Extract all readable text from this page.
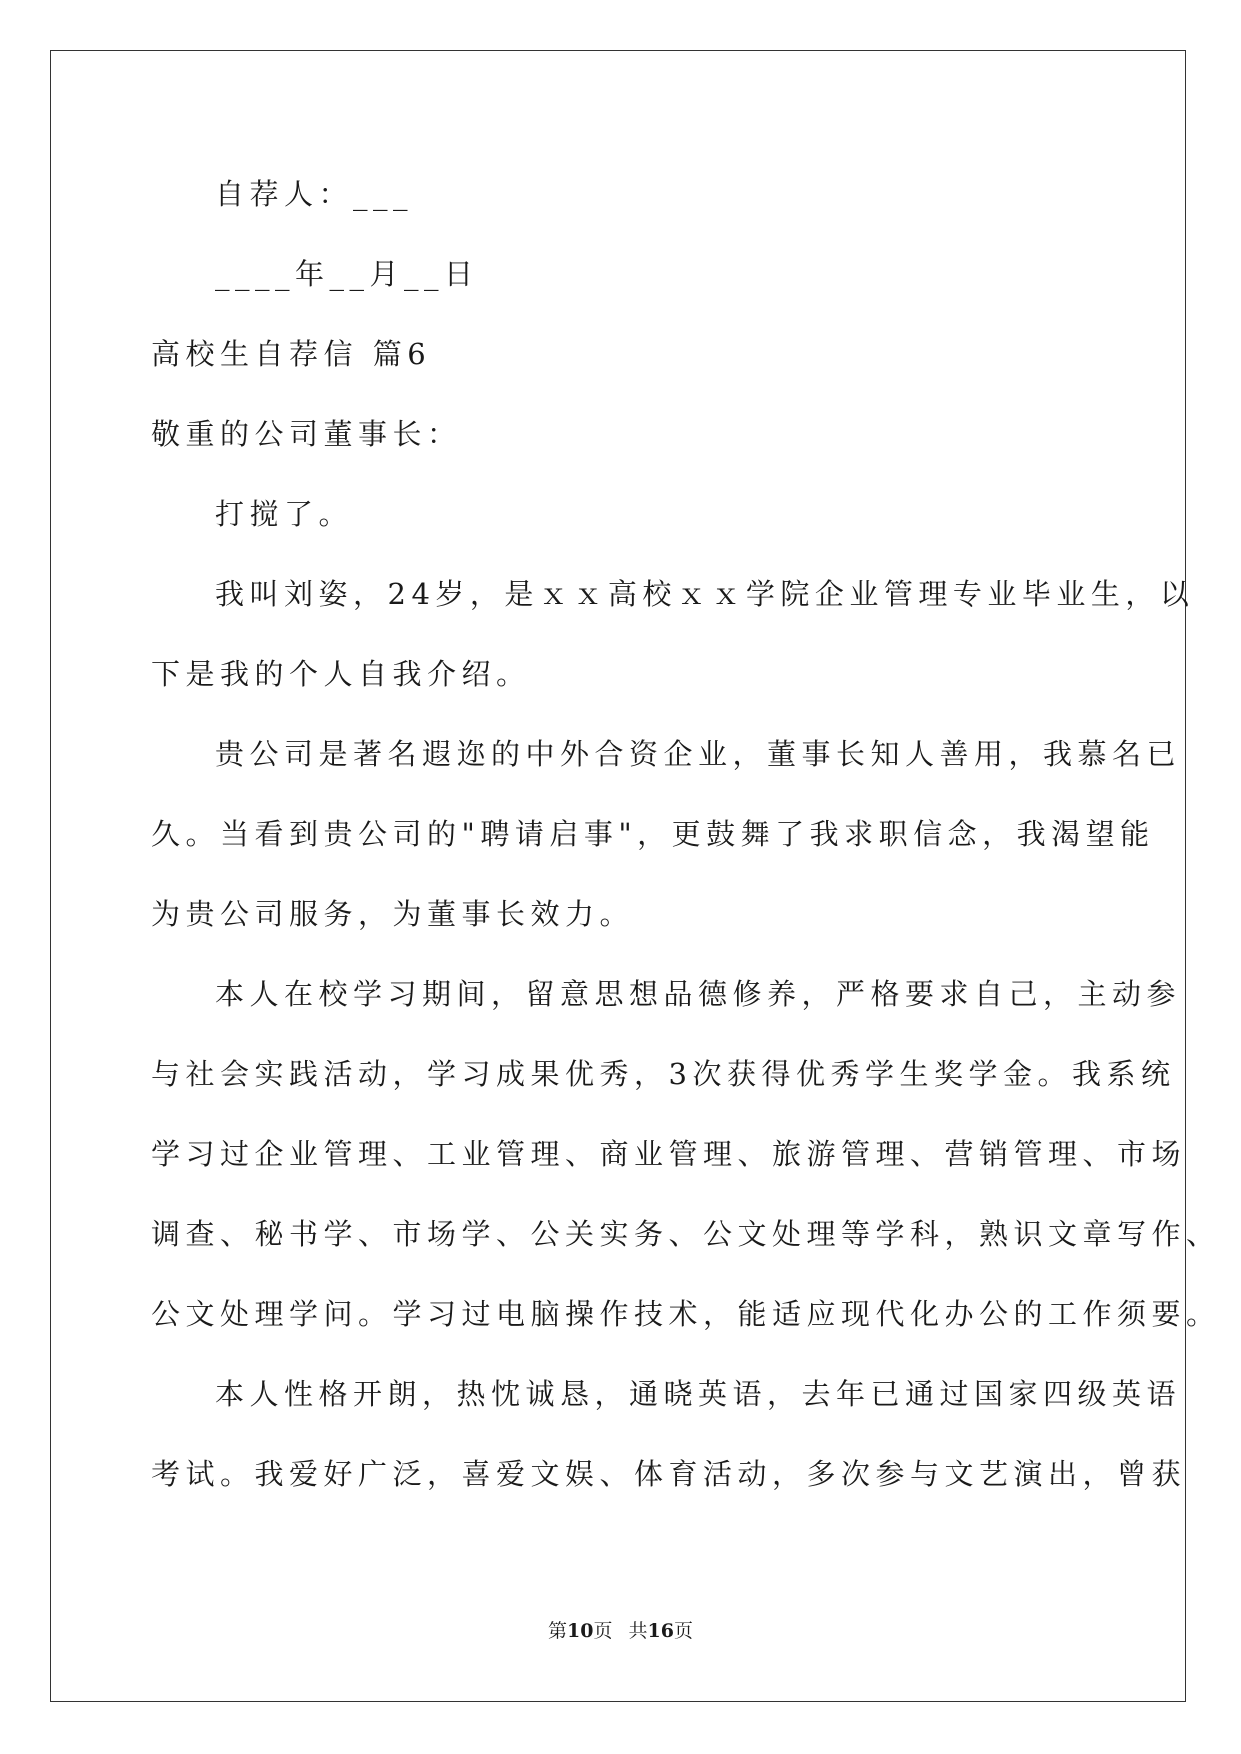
自荐人：___
____年__月__日
高校生自荐信 篇6
敬重的公司董事长：
打搅了。
我叫刘姿，24岁，是ｘｘ高校ｘｘ学院企业管理专业毕业生，以
下是我的个人自我介绍。
贵公司是著名遐迩的中外合资企业，董事长知人善用，我慕名已
久。当看到贵公司的"聘请启事"，更鼓舞了我求职信念，我渴望能
为贵公司服务，为董事长效力。
本人在校学习期间，留意思想品德修养，严格要求自己，主动参
与社会实践活动，学习成果优秀，3次获得优秀学生奖学金。我系统
学习过企业管理、工业管理、商业管理、旅游管理、营销管理、市场
调查、秘书学、市场学、公关实务、公文处理等学科，熟识文章写作、
公文处理学问。学习过电脑操作技术，能适应现代化办公的工作须要。
本人性格开朗，热忱诚恳，通晓英语，去年已通过国家四级英语
考试。我爱好广泛，喜爱文娱、体育活动，多次参与文艺演出，曾获
第10页 共16页
